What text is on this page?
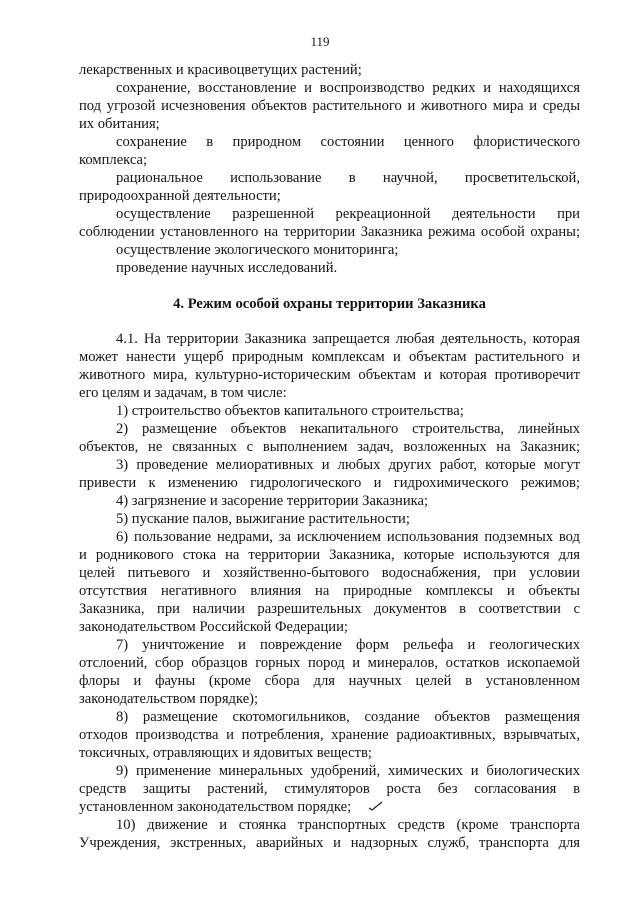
119
лекарственных и красивоцветущих растений;
сохранение, восстановление и воспроизводство редких и находящихся
под угрозой исчезновения объектов растительного и животного мира и среды
их обитания;
сохранение в природном состоянии ценного флористического
комплекса;
рациональное использование в научной, просветительской,
природоохранной деятельности;
осуществление разрешенной рекреационной деятельности при
соблюдении установленного на территории Заказника режима особой охраны;
осуществление экологического мониторинга;
проведение научных исследований.
4. Режим особой охраны территории Заказника
4.1. На территории Заказника запрещается любая деятельность, которая
может нанести ущерб природным комплексам и объектам растительного и
животного мира, культурно-историческим объектам и которая противоречит
его целям и задачам, в том числе:
1) строительство объектов капитального строительства;
2) размещение объектов некапитального строительства, линейных
объектов, не связанных с выполнением задач, возложенных на Заказник;
3) проведение мелиоративных и любых других работ, которые могут
привести к изменению гидрологического и гидрохимического режимов;
4) загрязнение и засорение территории Заказника;
5) пускание палов, выжигание растительности;
6) пользование недрами, за исключением использования подземных вод
и родникового стока на территории Заказника, которые используются для
целей питьевого и хозяйственно-бытового водоснабжения, при условии
отсутствия негативного влияния на природные комплексы и объекты
Заказника, при наличии разрешительных документов в соответствии с
законодательством Российской Федерации;
7) уничтожение и повреждение форм рельефа и геологических
отслоений, сбор образцов горных пород и минералов, остатков ископаемой
флоры и фауны (кроме сбора для научных целей в установленном
законодательством порядке);
8) размещение скотомогильников, создание объектов размещения
отходов производства и потребления, хранение радиоактивных, взрывчатых,
токсичных, отравляющих и ядовитых веществ;
9) применение минеральных удобрений, химических и биологических
средств защиты растений, стимуляторов роста без согласования в
установленном законодательством порядке;
10) движение и стоянка транспортных средств (кроме транспорта
Учреждения, экстренных, аварийных и надзорных служб, транспорта для
